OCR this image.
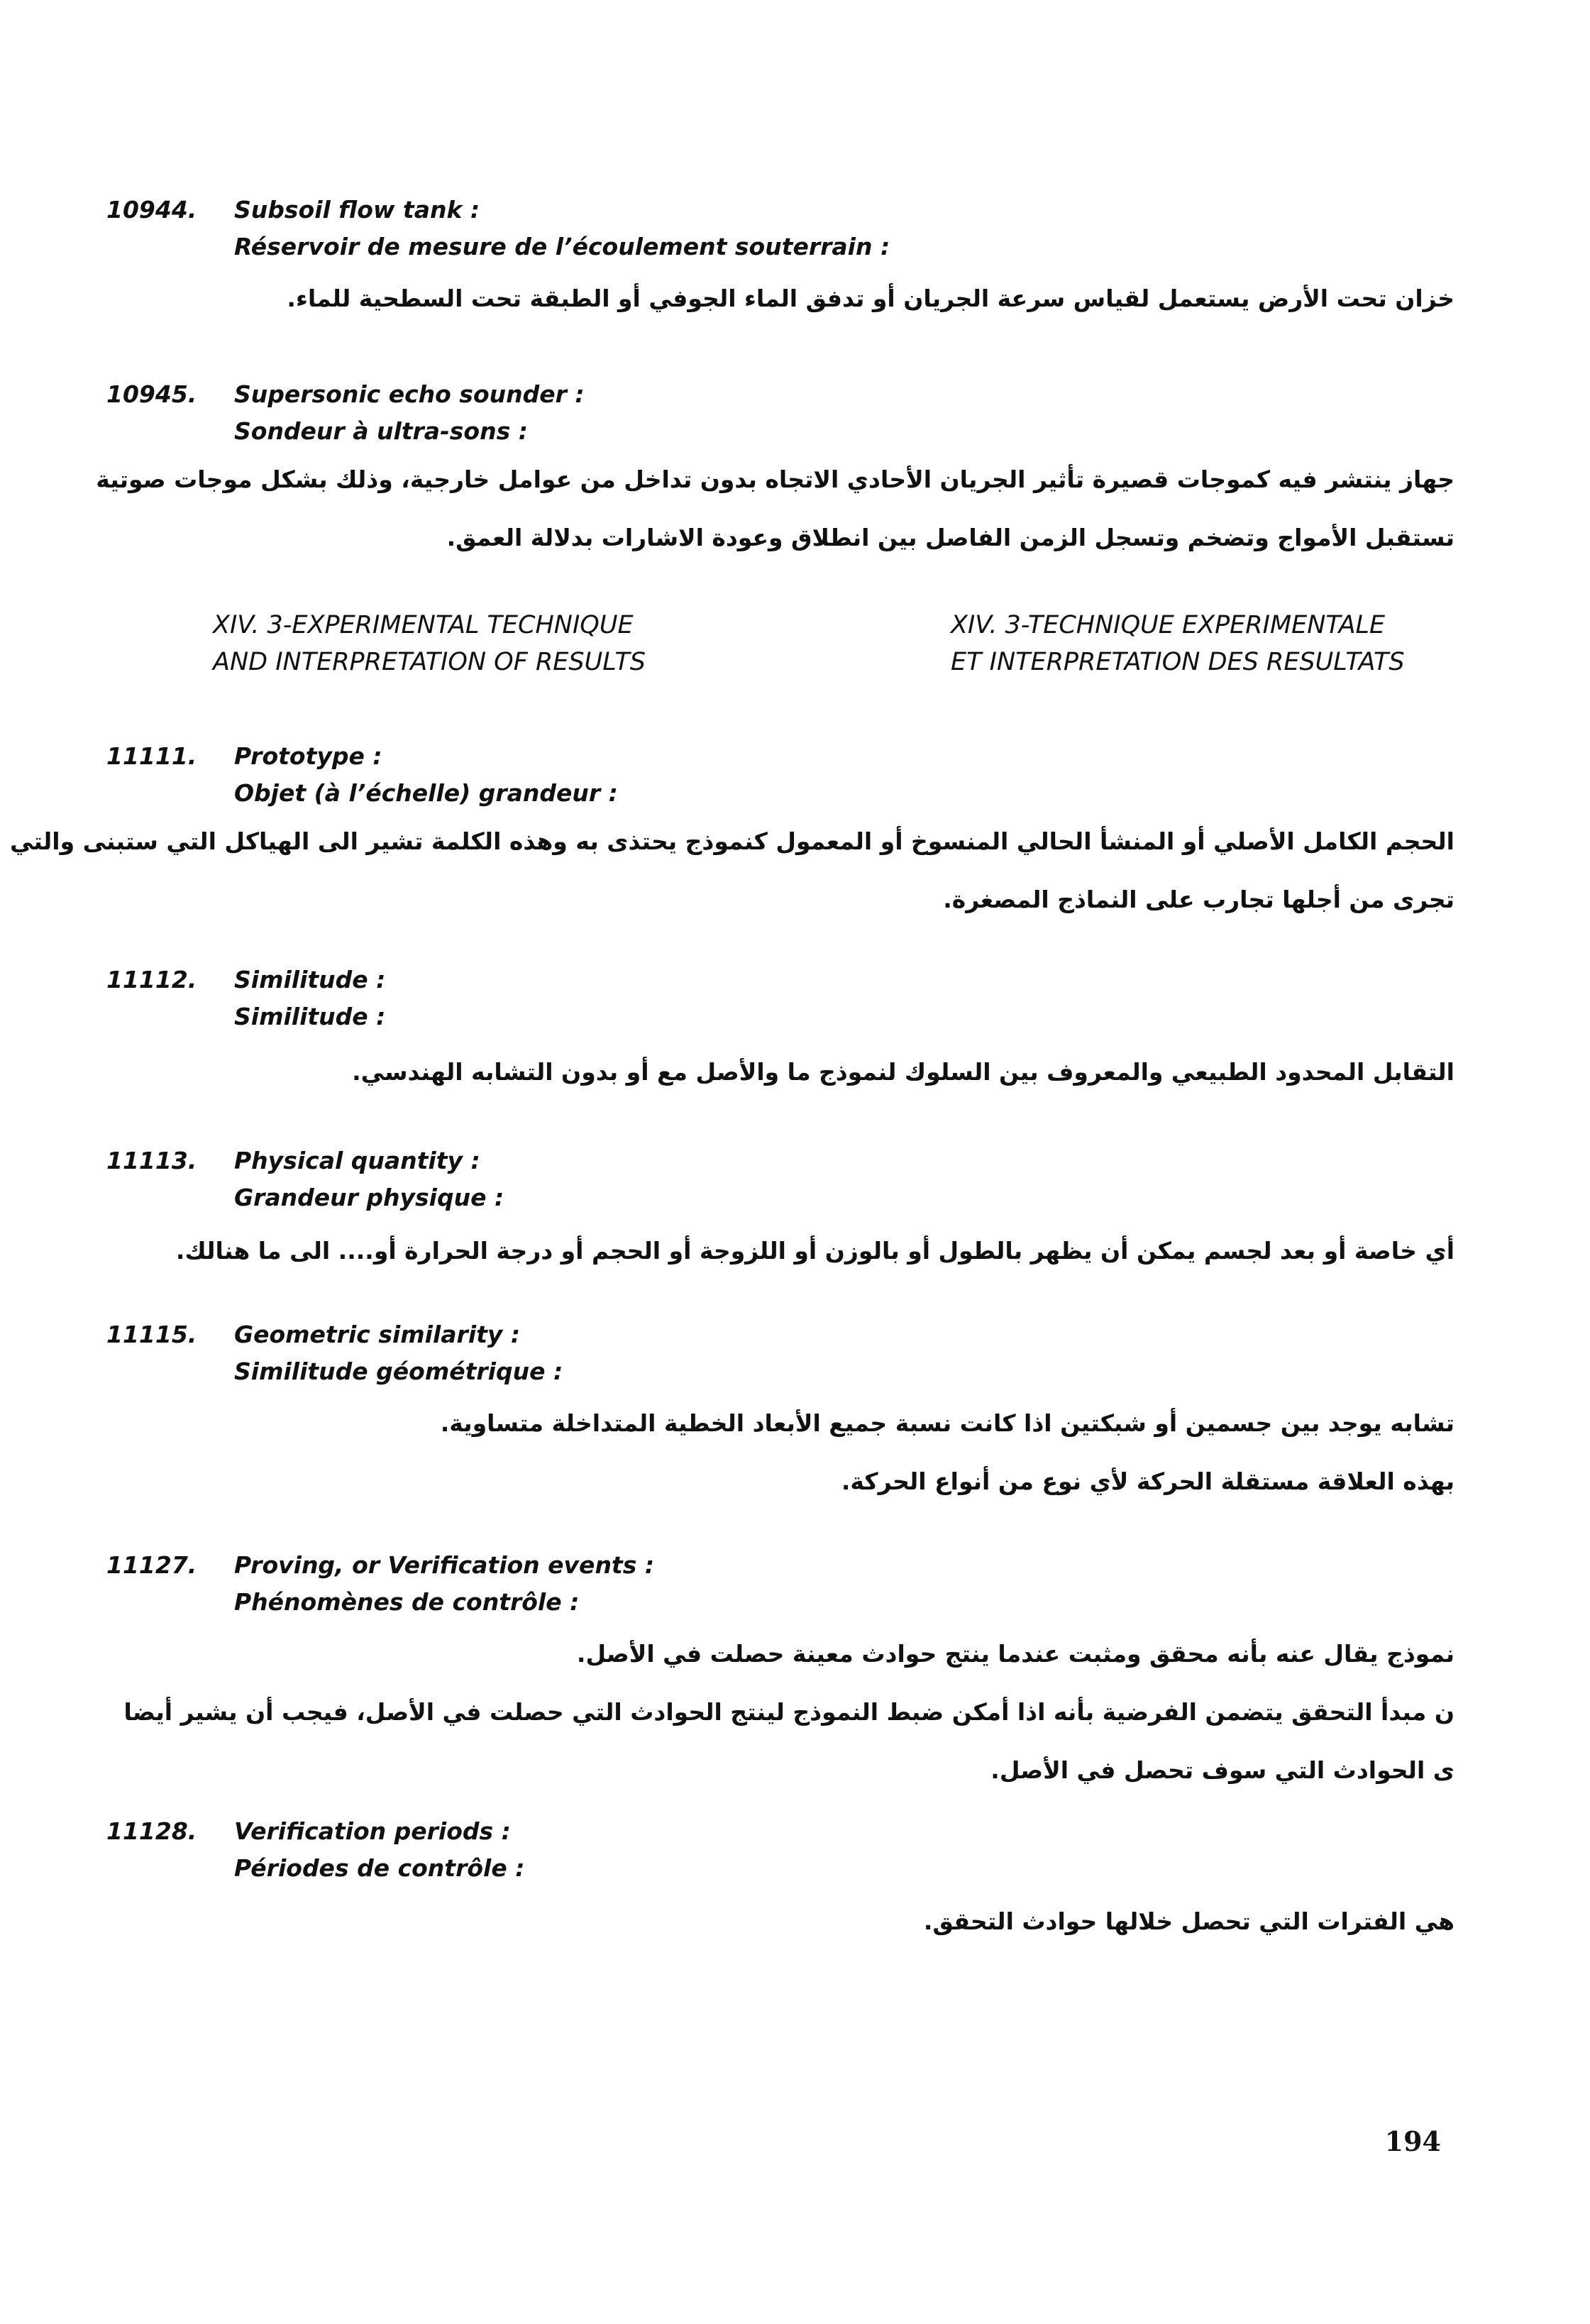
10944.	Subsoil flow tank :
Réservoir de mesure de l’écoulement souterrain :
خزان تحت الأرض يستعمل لقياس سرعة الجريان أو تدفق الماء الجوفي أو الطبقة تحت السطحية للماء.
10945.	Supersonic echo sounder :
Sondeur à ultra-sons :
جهاز ينتشر فيه كموجات قصيرة تأثير الجريان الأحادي الاتجاه بدون تداخل من عوامل خارجية، وذلك بشكل موجات صوتية
تستقبل الأمواج وتضخم وتسجل الزمن الفاصل بين انطلاق وعودة الاشارات بدلالة العمق.
XIV. 3-EXPERIMENTAL TECHNIQUE
AND INTERPRETATION OF RESULTS
XIV. 3-TECHNIQUE EXPERIMENTALE
ET INTERPRETATION DES RESULTATS
11111.	Prototype :
Objet (à l’échelle) grandeur :
الحجم الكامل الأصلي أو المنشأ الحالي المنسوخ أو المعمول كنموذج يحتذى به وهذه الكلمة تشير الى الهياكل التي ستبنى والتي
تجرى من أجلها تجارب على النماذج المصغرة.
11112.	Similitude :
Similitude :
التقابل المحدود الطبيعي والمعروف بين السلوك لنموذج ما والأصل مع أو بدون التشابه الهندسي.
11113.	Physical quantity :
Grandeur physique :
أي خاصة أو بعد لجسم يمكن أن يظهر بالطول أو بالوزن أو اللزوجة أو الحجم أو درجة الحرارة أو.... الى ما هنالك.
11115.	Geometric similarity :
Similitude géométrique :
تشابه يوجد بين جسمين أو شبكتين اذا كانت نسبة جميع الأبعاد الخطية المتداخلة متساوية.
بهذه العلاقة مستقلة الحركة لأي نوع من أنواع الحركة.
11127.	Proving, or Verification events :
Phénomènes de contrôle :
نموذج يقال عنه بأنه محقق ومثبت عندما ينتج حوادث معينة حصلت في الأصل.
ن مبدأ التحقق يتضمن الفرضية بأنه اذا أمكن ضبط النموذج لينتج الحوادث التي حصلت في الأصل، فيجب أن يشير أيضا
ى الحوادث التي سوف تحصل في الأصل.
11128.	Verification periods :
Périodes de contrôle :
هي الفترات التي تحصل خلالها حوادث التحقق.
194
